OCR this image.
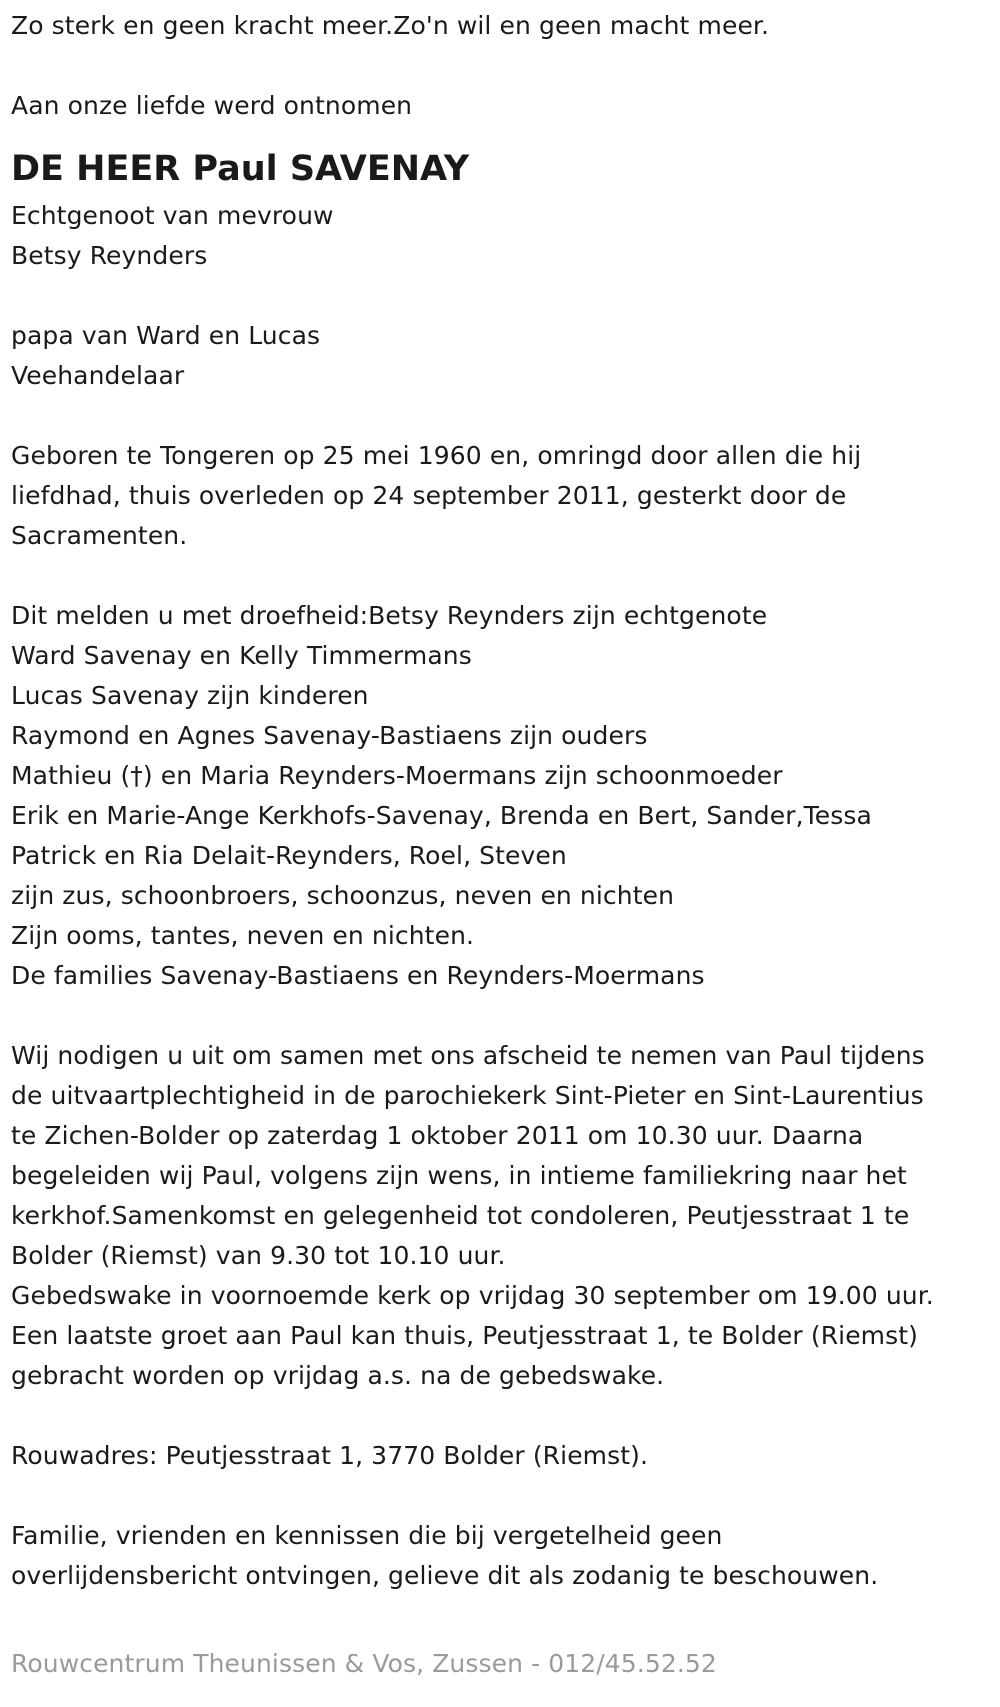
Zo sterk en geen kracht meer.Zo'n wil en geen macht meer.
Aan onze liefde werd ontnomen
DE HEER Paul SAVENAY
Echtgenoot van mevrouw
Betsy Reynders
papa van Ward en Lucas
Veehandelaar
Geboren te Tongeren op 25 mei 1960 en, omringd door allen die hij
liefdhad, thuis overleden op 24 september 2011, gesterkt door de
Sacramenten.
Dit melden u met droefheid:Betsy Reynders zijn echtgenote
Ward Savenay en Kelly Timmermans
Lucas Savenay zijn kinderen
Raymond en Agnes Savenay-Bastiaens zijn ouders
Mathieu (†) en Maria Reynders-Moermans zijn schoonmoeder
Erik en Marie-Ange Kerkhofs-Savenay, Brenda en Bert, Sander,Tessa
Patrick en Ria Delait-Reynders, Roel, Steven
zijn zus, schoonbroers, schoonzus, neven en nichten
Zijn ooms, tantes, neven en nichten.
De families Savenay-Bastiaens en Reynders-Moermans
Wij nodigen u uit om samen met ons afscheid te nemen van Paul tijdens
de uitvaartplechtigheid in de parochiekerk Sint-Pieter en Sint-Laurentius
te Zichen-Bolder op zaterdag 1 oktober 2011 om 10.30 uur. Daarna
begeleiden wij Paul, volgens zijn wens, in intieme familiekring naar het
kerkhof.Samenkomst en gelegenheid tot condoleren, Peutjesstraat 1 te
Bolder (Riemst) van 9.30 tot 10.10 uur.
Gebedswake in voornoemde kerk op vrijdag 30 september om 19.00 uur.
Een laatste groet aan Paul kan thuis, Peutjesstraat 1, te Bolder (Riemst)
gebracht worden op vrijdag a.s. na de gebedswake.
Rouwadres: Peutjesstraat 1, 3770 Bolder (Riemst).
Familie, vrienden en kennissen die bij vergetelheid geen
overlijdensbericht ontvingen, gelieve dit als zodanig te beschouwen.
Rouwcentrum Theunissen & Vos, Zussen - 012/45.52.52
